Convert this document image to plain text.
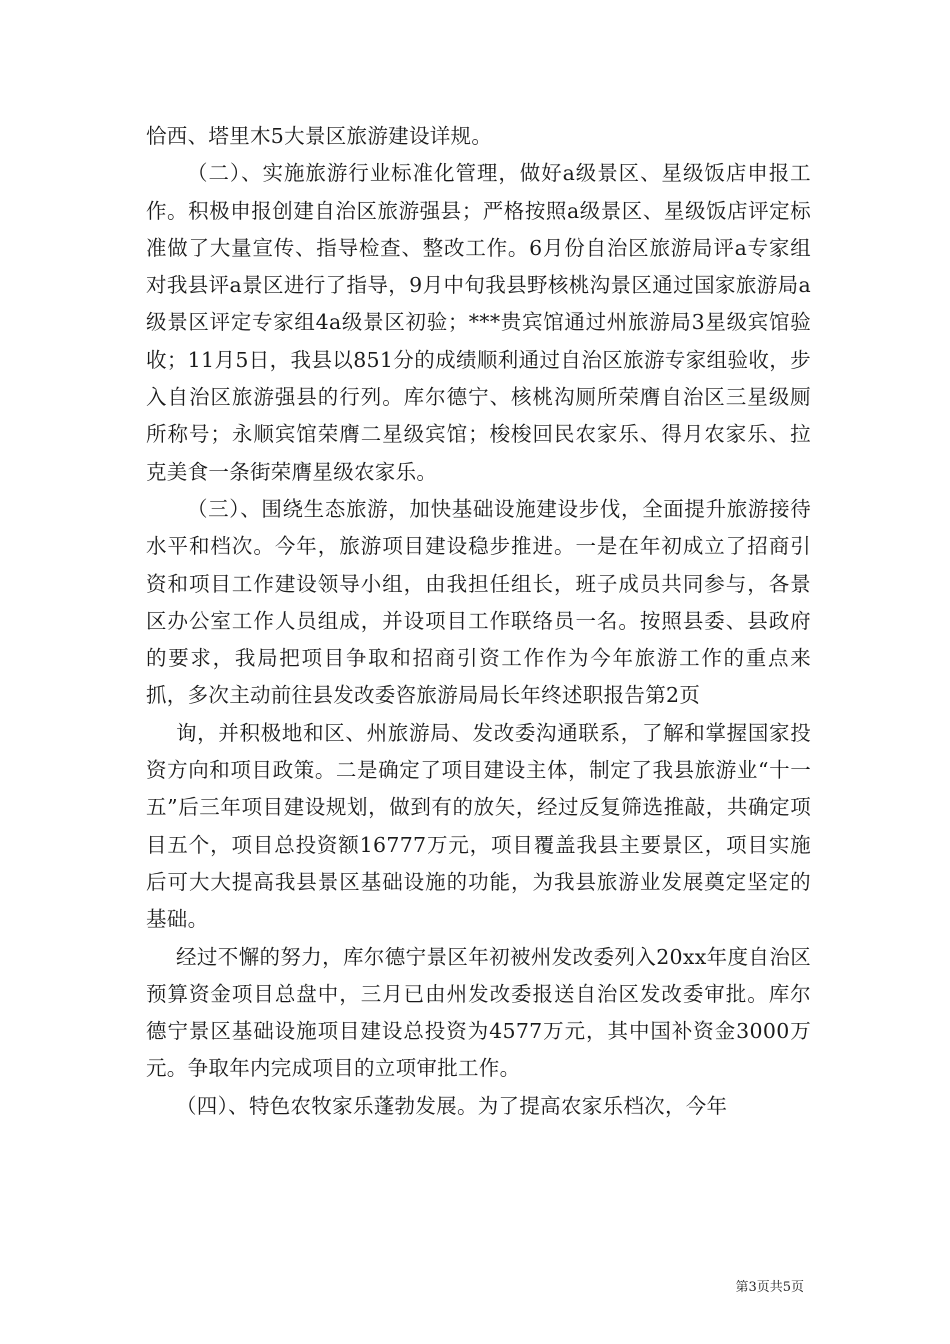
恰西、塔里木5大景区旅游建设详规。

（二）、实施旅游行业标准化管理，做好a级景区、星级饭店申报工作。积极申报创建自治区旅游强县；严格按照a级景区、星级饭店评定标准做了大量宣传、指导检查、整改工作。6月份自治区旅游局评a专家组对我县评a景区进行了指导，9月中旬我县野核桃沟景区通过国家旅游局a级景区评定专家组4a级景区初验；***贵宾馆通过州旅游局3星级宾馆验收；11月5日，我县以851分的成绩顺利通过自治区旅游专家组验收，步入自治区旅游强县的行列。库尔德宁、核桃沟厕所荣膺自治区三星级厕所称号；永顺宾馆荣膺二星级宾馆；梭梭回民农家乐、得月农家乐、拉克美食一条街荣膺星级农家乐。

（三）、围绕生态旅游，加快基础设施建设步伐，全面提升旅游接待水平和档次。今年，旅游项目建设稳步推进。一是在年初成立了招商引资和项目工作建设领导小组，由我担任组长，班子成员共同参与，各景区办公室工作人员组成，并设项目工作联络员一名。按照县委、县政府的要求，我局把项目争取和招商引资工作作为今年旅游工作的重点来抓，多次主动前往县发改委咨旅游局局长年终述职报告第2页

询，并积极地和区、州旅游局、发改委沟通联系，了解和掌握国家投资方向和项目政策。二是确定了项目建设主体，制定了我县旅游业“十一五”后三年项目建设规划，做到有的放矢，经过反复筛选推敲，共确定项目五个，项目总投资额16777万元，项目覆盖我县主要景区，项目实施后可大大提高我县景区基础设施的功能，为我县旅游业发展奠定坚定的基础。

经过不懈的努力，库尔德宁景区年初被州发改委列入20xx年度自治区预算资金项目总盘中，三月已由州发改委报送自治区发改委审批。库尔德宁景区基础设施项目建设总投资为4577万元，其中国补资金3000万元。争取年内完成项目的立项审批工作。

（四）、特色农牧家乐蓬勃发展。为了提高农家乐档次，今年

第3页共5页
